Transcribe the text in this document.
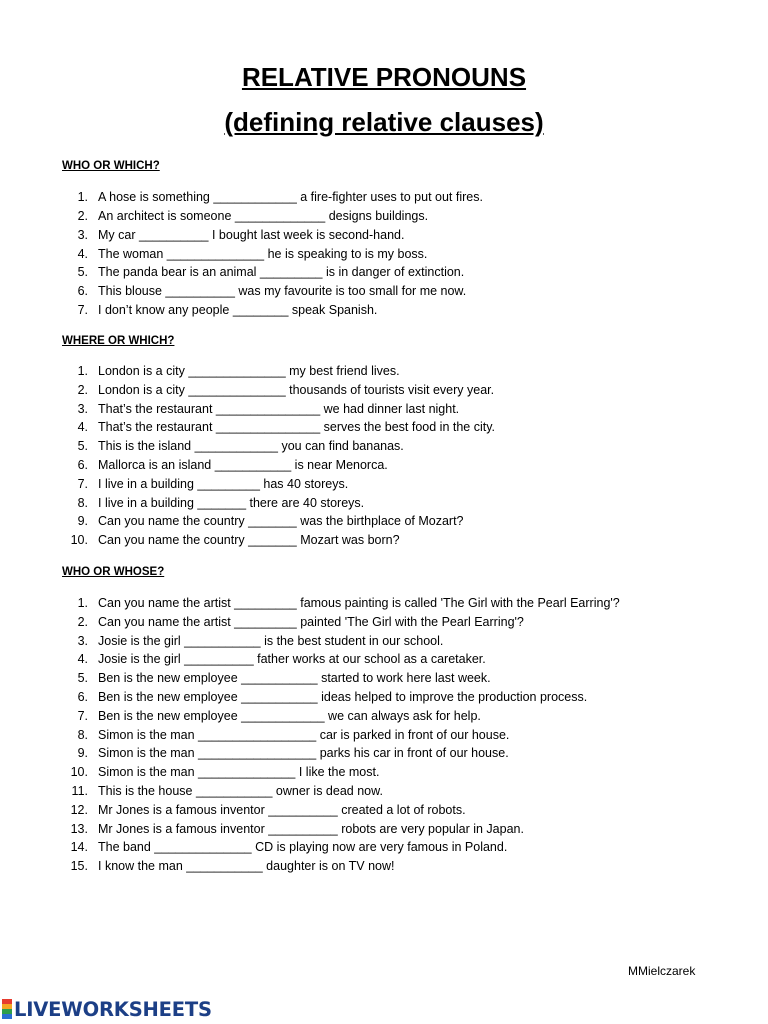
RELATIVE PRONOUNS
(defining relative clauses)
WHO OR WHICH?
1. A hose is something ____________ a fire-fighter uses to put out fires.
2. An architect is someone _____________ designs buildings.
3. My car __________ I bought last week is second-hand.
4. The woman ______________ he is speaking to is my boss.
5. The panda bear is an animal _________ is in danger of extinction.
6. This blouse __________ was my favourite is too small for me now.
7. I don’t know any people ________ speak Spanish.
WHERE OR WHICH?
1. London is a city ______________ my best friend lives.
2. London is a city ______________ thousands of tourists visit every year.
3. That’s the restaurant _______________ we had dinner last night.
4. That’s the restaurant _______________ serves the best food in the city.
5. This is the island ____________ you can find bananas.
6. Mallorca is an island ___________ is near Menorca.
7. I live in a building _________ has 40 storeys.
8. I live in a building _______ there are 40 storeys.
9. Can you name the country _______ was the birthplace of Mozart?
10. Can you name the country _______ Mozart was born?
WHO OR WHOSE?
1. Can you name the artist _________ famous painting is called 'The Girl with the Pearl Earring'?
2. Can you name the artist _________ painted 'The Girl with the Pearl Earring'?
3. Josie is the girl ___________ is the best student in our school.
4. Josie is the girl __________ father works at our school as a caretaker.
5. Ben is the new employee ___________ started to work here last week.
6. Ben is the new employee ___________ ideas helped to improve the production process.
7. Ben is the new employee ____________ we can always ask for help.
8. Simon is the man _________________ car is parked in front of our house.
9. Simon is the man _________________ parks his car in front of our house.
10. Simon is the man ______________ I like the most.
11. This is the house ___________ owner is dead now.
12. Mr Jones is a famous inventor __________ created a lot of robots.
13. Mr Jones is a famous inventor __________ robots are very popular in Japan.
14. The band ______________ CD is playing now are very famous in Poland.
15. I know the man ___________ daughter is on TV now!
MMielczarek
LIVEWORKSHEETS
